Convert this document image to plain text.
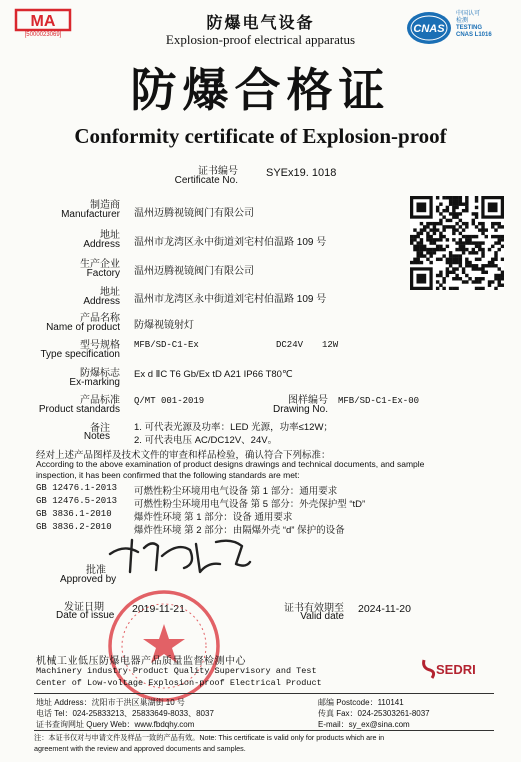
MA
[5000023069]
防爆电气设备
Explosion-proof electrical apparatus
CNAS
中国认可
检测
TESTING
CNAS L1016
防爆合格证
Conformity certificate of Explosion-proof
证书编号
Certificate No.
SYEx19. 1018
制造商
Manufacturer 温州迈腾视镜阀门有限公司
地址
Address 温州市龙湾区永中街道刘宅村伯温路 109 号
生产企业
Factory 温州迈腾视镜阀门有限公司
地址
Address 温州市龙湾区永中街道刘宅村伯温路 109 号
产品名称
Name of product 防爆视镜射灯
型号规格
Type specification
MFB/SD-C1-Ex	DC24V 12W
防爆标志
Ex-marking
Ex d ⅡC T6 Gb/Ex tD A21 IP66 T80℃
产品标准
Product standards
Q/MT 001-2019	图样编号
Drawing No.
MFB/SD-C1-Ex-00
备注
Notes
1. 可代表光源及功率：LED 光源，功率≤12W；
2. 可代表电压 AC/DC12V、24V。
经对上述产品图样及技术文件的审查和样品检验，确认符合下列标准：
According to the above examination of product designs drawings and technical documents, and sample
inspection, it has been confirmed that the following standards are met:
GB 12476.1-2013 可燃性粉尘环境用电气设备 第 1 部分：通用要求
GB 12476.5-2013 可燃性粉尘环境用电气设备 第 5 部分：外壳保护型 “tD”
GB 3836.1-2010 爆炸性环境 第 1 部分：设备 通用要求
GB 3836.2-2010 爆炸性环境 第 2 部分：由隔爆外壳 “d” 保护的设备
批准
Approved by
发证日期
Date of issue
2019-11-21	证书有效期至
Valid date
2024-11-20
机械工业低压防爆电器产品质量监督检测中心
Machinery industry Product Quality Supervisory and Test
Center of Low-voltage Explosion-proof Electrical Product
SEDRI
地址 Address：沈阳市于洪区巢湖街 10 号	邮编 Postcode：110141
电话 Tel：024-25833213、25833649-8033、8037	传真 Fax：024-25303261-8037
证书查询网址 Query Web：www.fbdqhy.com	E-mail：sy_ex@sina.com
注：本证书仅对与申请文件及样品一致的产品有效。Note: This certificate is valid only for products which are in
agreement with the review and approved documents and samples.
